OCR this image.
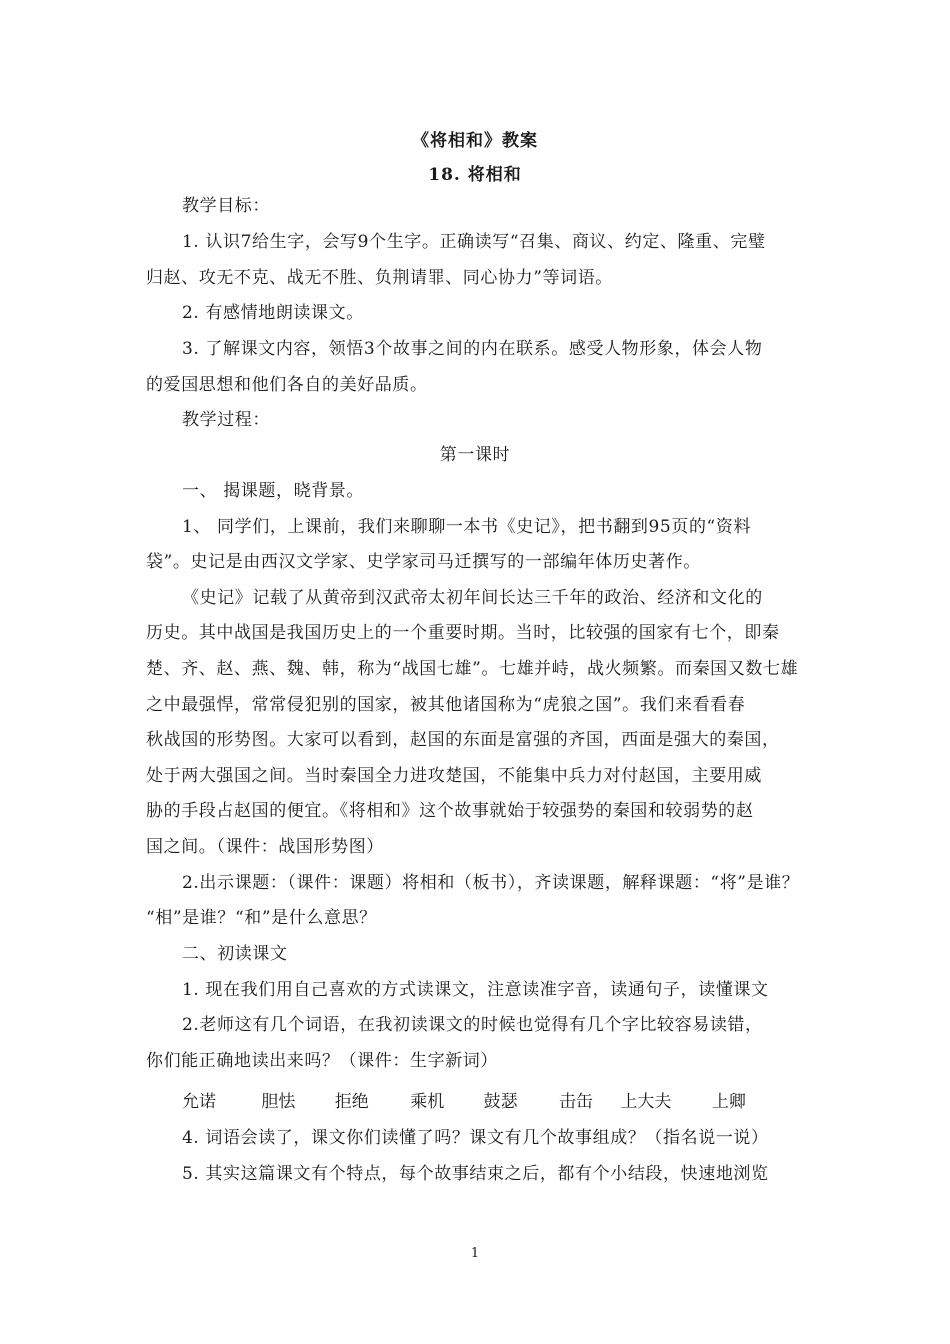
《将相和》教案
18. 将相和
教学目标：
1. 认识7给生字，会写9个生字。正确读写“召集、商议、约定、隆重、完璧
归赵、攻无不克、战无不胜、负荆请罪、同心协力”等词语。
2. 有感情地朗读课文。
3. 了解课文内容，领悟3个故事之间的内在联系。感受人物形象，体会人物
的爱国思想和他们各自的美好品质。
教学过程：
第一课时
一、 揭课题，晓背景。
1、 同学们，上课前，我们来聊聊一本书《史记》，把书翻到95页的“资料
袋”。史记是由西汉文学家、史学家司马迁撰写的一部编年体历史著作。
《史记》记载了从黄帝到汉武帝太初年间长达三千年的政治、经济和文化的
历史。其中战国是我国历史上的一个重要时期。当时，比较强的国家有七个，即秦
楚、齐、赵、燕、魏、韩，称为“战国七雄”。七雄并峙，战火频繁。而秦国又数七雄
之中最强悍，常常侵犯别的国家，被其他诸国称为“虎狼之国”。我们来看看春
秋战国的形势图。大家可以看到，赵国的东面是富强的齐国，西面是强大的秦国，
处于两大强国之间。当时秦国全力进攻楚国，不能集中兵力对付赵国，主要用威
胁的手段占赵国的便宜。《将相和》这个故事就始于较强势的秦国和较弱势的赵
国之间。（课件：战国形势图）
2.出示课题：（课件：课题）将相和（板书），齐读课题，解释课题：“将”是谁？
“相”是谁？“和”是什么意思？
二、初读课文
1. 现在我们用自己喜欢的方式读课文，注意读准字音，读通句子，读懂课文
2.老师这有几个词语，在我初读课文的时候也觉得有几个字比较容易读错，
你们能正确地读出来吗？（课件：生字新词）
允诺	胆怯 拒绝 乘机 鼓瑟 击缶 上大夫 上卿
4. 词语会读了，课文你们读懂了吗？课文有几个故事组成？（指名说一说）
5. 其实这篇课文有个特点，每个故事结束之后，都有个小结段，快速地浏览
1
